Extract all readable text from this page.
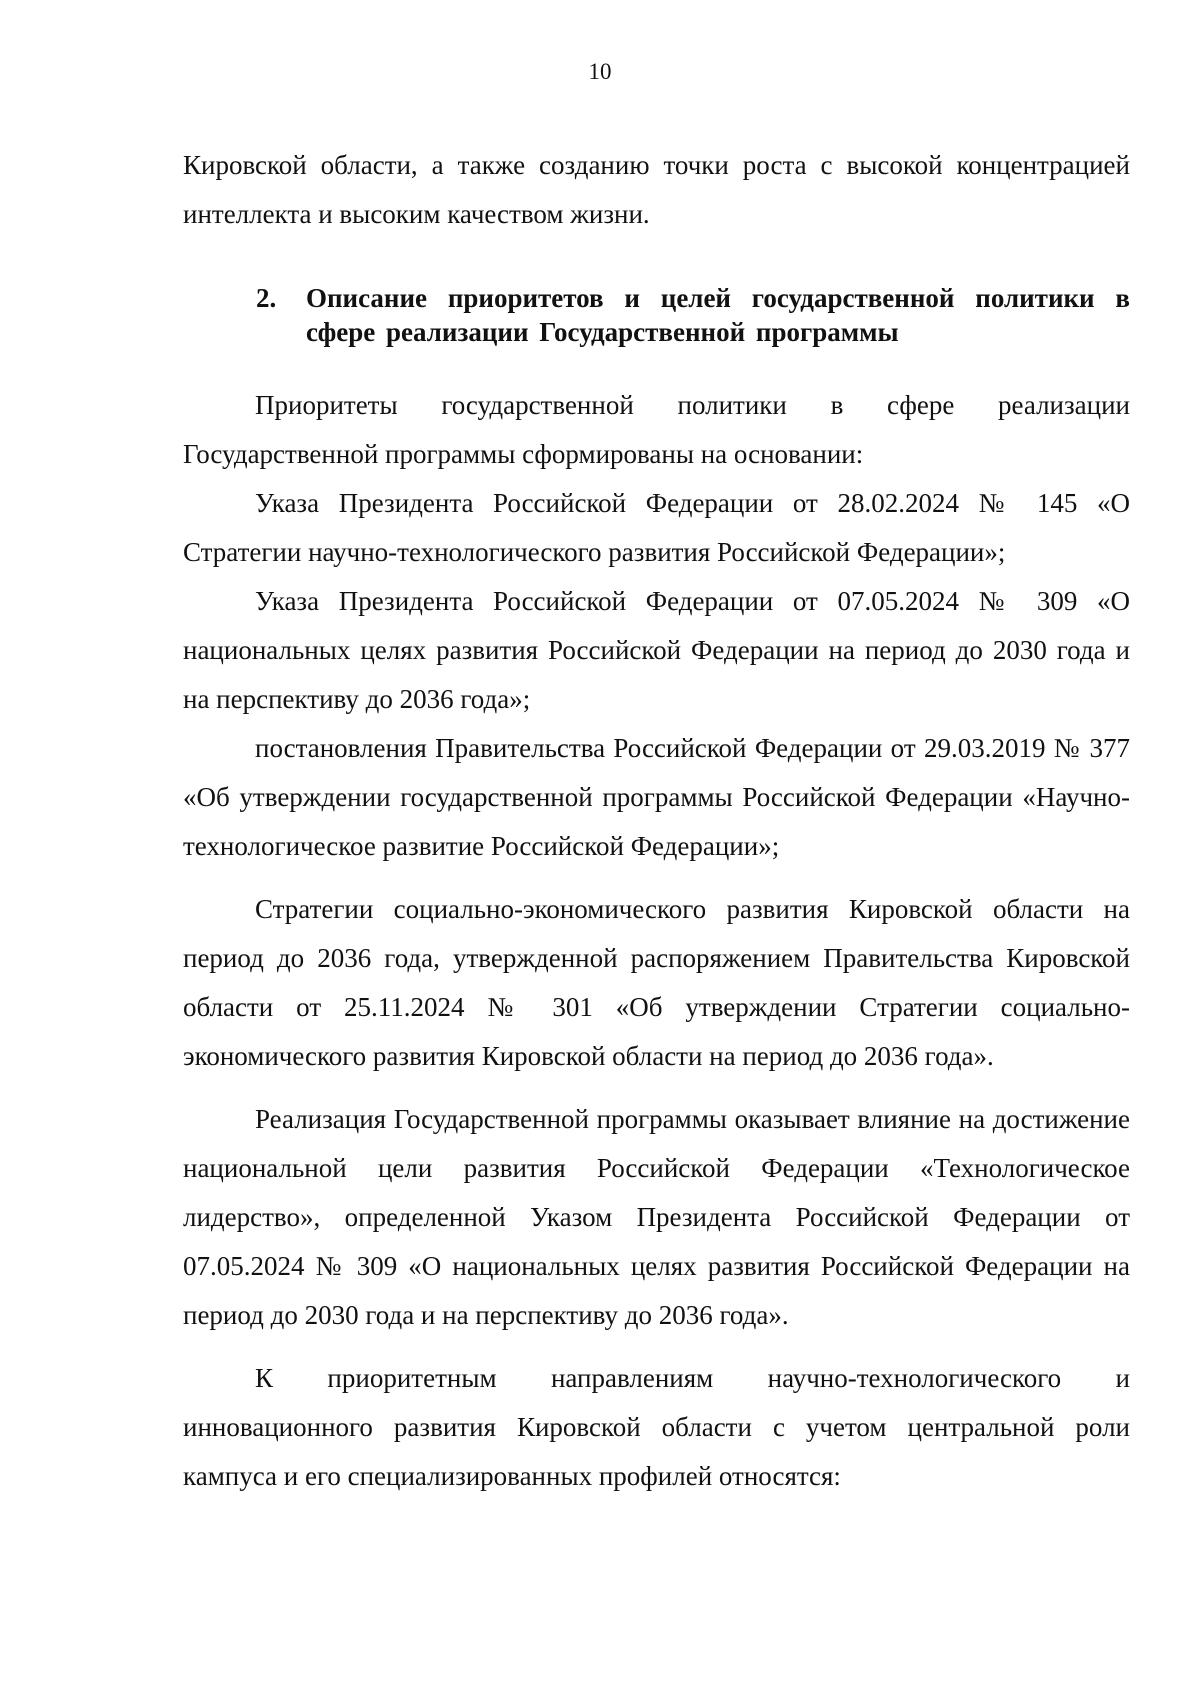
10

Кировской области, а также созданию точки роста с высокой концентрацией интеллекта и высоким качеством жизни.

2. Описание приоритетов и целей государственной политики в сфере реализации Государственной программы

Приоритеты государственной политики в сфере реализации Государственной программы сформированы на основании:

Указа Президента Российской Федерации от 28.02.2024 № 145 «О Стратегии научно-технологического развития Российской Федерации»;

Указа Президента Российской Федерации от 07.05.2024 № 309 «О национальных целях развития Российской Федерации на период до 2030 года и на перспективу до 2036 года»;

постановления Правительства Российской Федерации от 29.03.2019 № 377 «Об утверждении государственной программы Российской Федерации «Научно-технологическое развитие Российской Федерации»;

Стратегии социально-экономического развития Кировской области на период до 2036 года, утвержденной распоряжением Правительства Кировской области от 25.11.2024 № 301 «Об утверждении Стратегии социально-экономического развития Кировской области на период до 2036 года».

Реализация Государственной программы оказывает влияние на достижение национальной цели развития Российской Федерации «Технологическое лидерство», определенной Указом Президента Российской Федерации от 07.05.2024 № 309 «О национальных целях развития Российской Федерации на период до 2030 года и на перспективу до 2036 года».

К приоритетным направлениям научно-технологического и инновационного развития Кировской области с учетом центральной роли кампуса и его специализированных профилей относятся:
